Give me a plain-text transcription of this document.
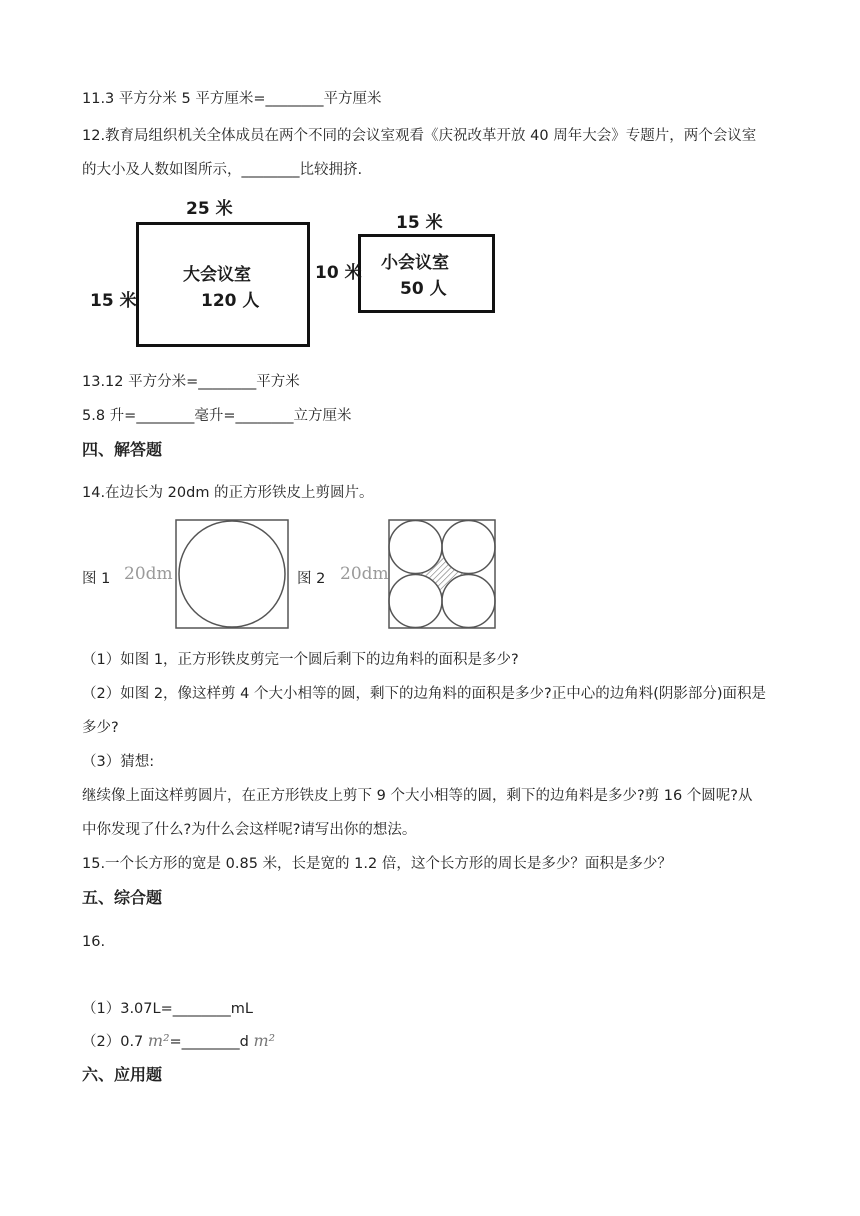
11.3 平方分米 5 平方厘米=________平方厘米
12.教育局组织机关全体成员在两个不同的会议室观看《庆祝改革开放 40 周年大会》专题片，两个会议室
的大小及人数如图所示，________比较拥挤.
25 米
15 米
大会议室
120 人
15 米
10 米 小会议室
50 人
13.12 平方分米=________平方米
5.8 升=________毫升=________立方厘米
四、解答题
14.在边长为 20dm 的正方形铁皮上剪圆片。
图 1 20dm	图 2 20dm
（1）如图 1，正方形铁皮剪完一个圆后剩下的边角料的面积是多少?
（2）如图 2，像这样剪 4 个大小相等的圆，剩下的边角料的面积是多少?正中心的边角料(阴影部分)面积是
多少?
（3）猜想:
继续像上面这样剪圆片，在正方形铁皮上剪下 9 个大小相等的圆，剩下的边角料是多少?剪 16 个圆呢?从
中你发现了什么?为什么会这样呢?请写出你的想法。
15.一个长方形的宽是 0.85 米，长是宽的 1.2 倍，这个长方形的周长是多少？面积是多少？
五、综合题
16.
（1）3.07L=________mL
（2）0.7 m²=________d m²
六、应用题
